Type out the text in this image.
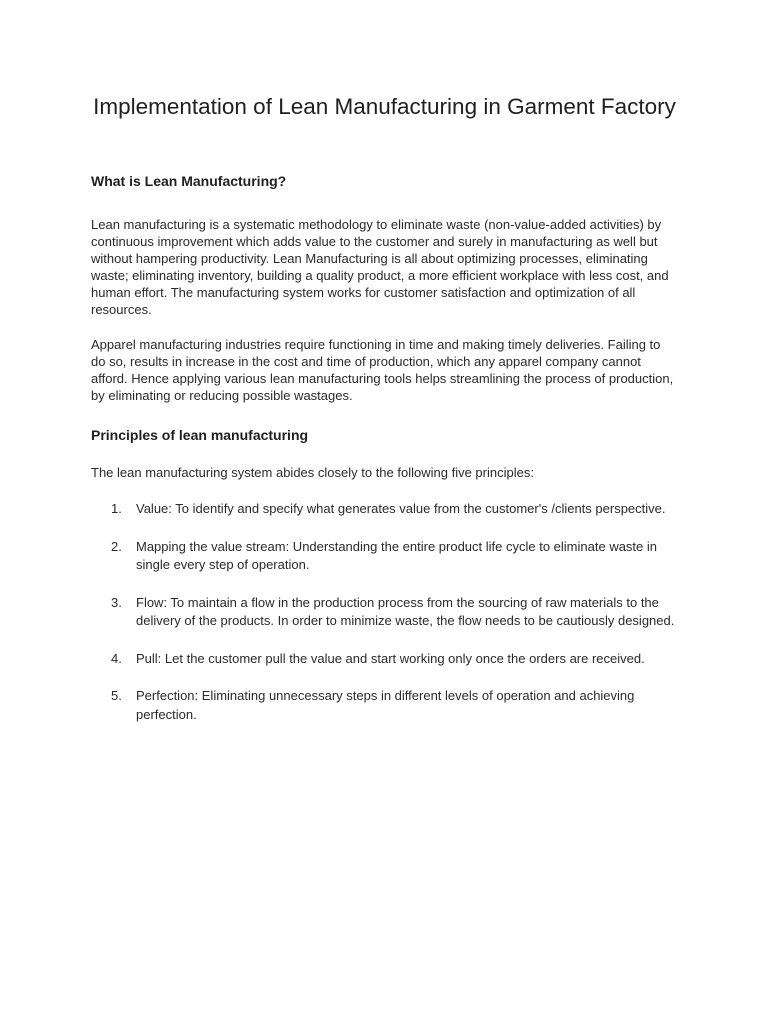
Implementation of Lean Manufacturing in Garment Factory
What is Lean Manufacturing?

Lean manufacturing is a systematic methodology to eliminate waste (non-value-added activities) by continuous improvement which adds value to the customer and surely in manufacturing as well but without hampering productivity. Lean Manufacturing is all about optimizing processes, eliminating waste; eliminating inventory, building a quality product, a more efficient workplace with less cost, and human effort. The manufacturing system works for customer satisfaction and optimization of all resources.

Apparel manufacturing industries require functioning in time and making timely deliveries. Failing to do so, results in increase in the cost and time of production, which any apparel company cannot afford. Hence applying various lean manufacturing tools helps streamlining the process of production, by eliminating or reducing possible wastages.

Principles of lean manufacturing

The lean manufacturing system abides closely to the following five principles:

1.	Value: To identify and specify what generates value from the customer's /clients perspective.
2.	Mapping the value stream: Understanding the entire product life cycle to eliminate waste in single every step of operation.
3.	Flow: To maintain a flow in the production process from the sourcing of raw materials to the delivery of the products. In order to minimize waste, the flow needs to be cautiously designed.
4.	Pull: Let the customer pull the value and start working only once the orders are received.
5.	Perfection: Eliminating unnecessary steps in different levels of operation and achieving perfection.
